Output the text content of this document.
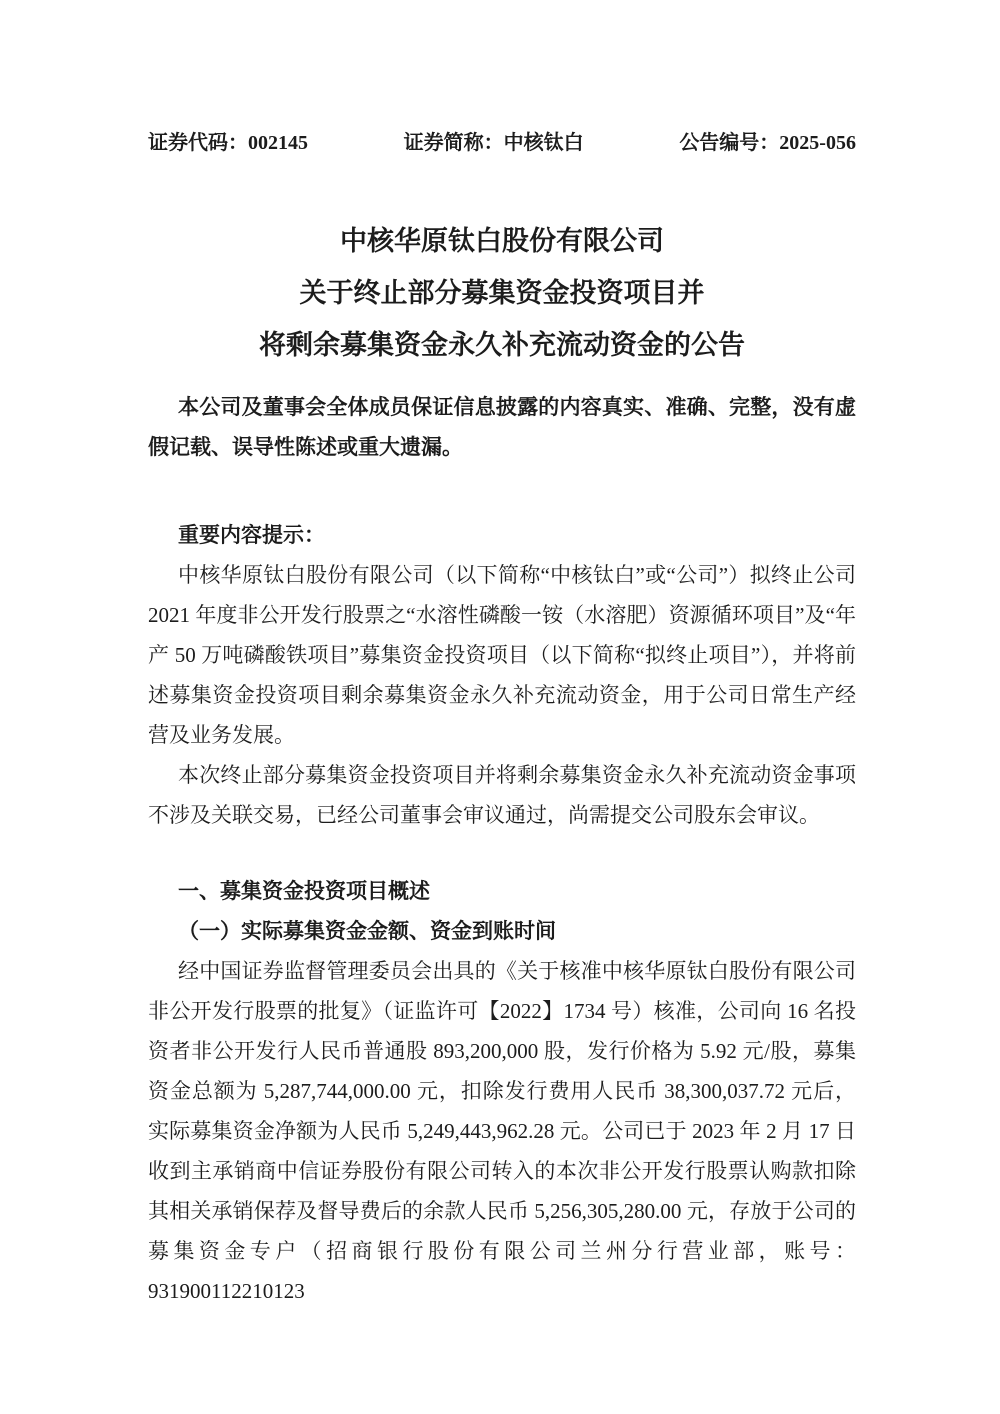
证券代码：002145	证券简称：中核钛白	公告编号：2025-056
中核华原钛白股份有限公司
关于终止部分募集资金投资项目并
将剩余募集资金永久补充流动资金的公告

本公司及董事会全体成员保证信息披露的内容真实、准确、完整，没有虚假记载、误导性陈述或重大遗漏。

重要内容提示：

中核华原钛白股份有限公司（以下简称“中核钛白”或“公司”）拟终止公司 2021 年度非公开发行股票之“水溶性磷酸一铵（水溶肥）资源循环项目”及“年产 50 万吨磷酸铁项目”募集资金投资项目（以下简称“拟终止项目”），并将前述募集资金投资项目剩余募集资金永久补充流动资金，用于公司日常生产经营及业务发展。

本次终止部分募集资金投资项目并将剩余募集资金永久补充流动资金事项不涉及关联交易，已经公司董事会审议通过，尚需提交公司股东会审议。

一、募集资金投资项目概述
（一）实际募集资金金额、资金到账时间

经中国证券监督管理委员会出具的《关于核准中核华原钛白股份有限公司非公开发行股票的批复》（证监许可【2022】1734 号）核准，公司向 16 名投资者非公开发行人民币普通股 893,200,000 股，发行价格为 5.92 元/股，募集资金总额为 5,287,744,000.00 元，扣除发行费用人民币 38,300,037.72 元后，实际募集资金净额为人民币 5,249,443,962.28 元。公司已于 2023 年 2 月 17 日收到主承销商中信证券股份有限公司转入的本次非公开发行股票认购款扣除其相关承销保荐及督导费后的余款人民币 5,256,305,280.00 元，存放于公司的募集资金专户（招商银行股份有限公司兰州分行营业部，账号：931900112210123
